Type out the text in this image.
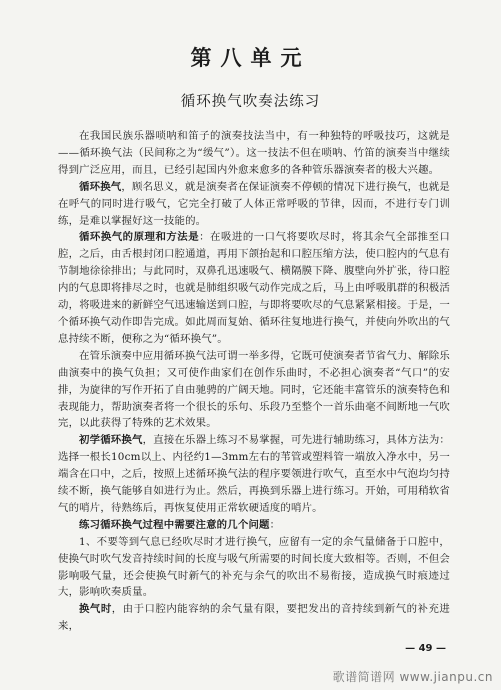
第八单元
循环换气吹奏法练习

在我国民族乐器唢呐和笛子的演奏技法当中，有一种独特的呼吸技巧，这就是——循环换气法（民间称之为“缓气”）。这一技法不但在唢呐、竹笛的演奏当中继续得到广泛应用，而且，已经引起国内外愈来愈多的各种管乐器演奏者的极大兴趣。

循环换气，顾名思义，就是演奏者在保证演奏不停顿的情况下进行换气，也就是在呼气的同时进行吸气，它完全打破了人体正常呼吸的节律，因而，不进行专门训练，是难以掌握好这一技能的。

循环换气的原理和方法是：在吸进的一口气将要吹尽时，将其余气全部推至口腔，之后，由舌根封闭口腔通道，再用下颌抬起和口腔压缩方法，使口腔内的气息有节制地徐徐排出；与此同时，双鼻孔迅速吸气、横隔膜下降、腹壁向外扩张，待口腔内的气息即将排尽之时，也就是肺组织吸气动作完成之后，马上由呼吸肌群的积极活动，将吸进来的新鲜空气迅速输送到口腔，与即将要吹尽的气息紧紧相接。于是，一个循环换气动作即告完成。如此周而复始、循环往复地进行换气，并使向外吹出的气息持续不断，便称之为“循环换气”。

在管乐演奏中应用循环换气法可谓一举多得，它既可使演奏者节省气力、解除乐曲演奏中的换气负担；又可使作曲家们在创作乐曲时，不必担心演奏者“气口”的安排，为旋律的写作开拓了自由驰骋的广阔天地。同时，它还能丰富管乐的演奏特色和表现能力，帮助演奏者将一个很长的乐句、乐段乃至整个一首乐曲毫不间断地一气吹完，以此获得了特殊的艺术效果。

初学循环换气，直接在乐器上练习不易掌握，可先进行辅助练习，具体方法为：选择一根长10cm以上、内径约1—3mm左右的苇管或塑料管一端放入净水中，另一端含在口中，之后，按照上述循环换气法的程序要领进行吹气，直至水中气泡均匀持续不断，换气能够自如进行为止。然后，再换到乐器上进行练习。开始，可用稍软省气的哨片，待熟练后，再恢复使用正常软硬适度的哨片。

练习循环换气过程中需要注意的几个问题：

1、不要等到气息已经吹尽时才进行换气，应留有一定的余气量储备于口腔中，使换气时吹气发音持续时间的长度与吸气所需要的时间长度大致相等。否则，不但会影响吸气量，还会使换气时新气的补充与余气的吹出不易衔接，造成换气时痕迹过大，影响吹奏质量。

换气时，由于口腔内能容纳的余气量有限，要把发出的音持续到新气的补充进来，

— 49 —
歌谱简谱网 www.jianpu.cn
